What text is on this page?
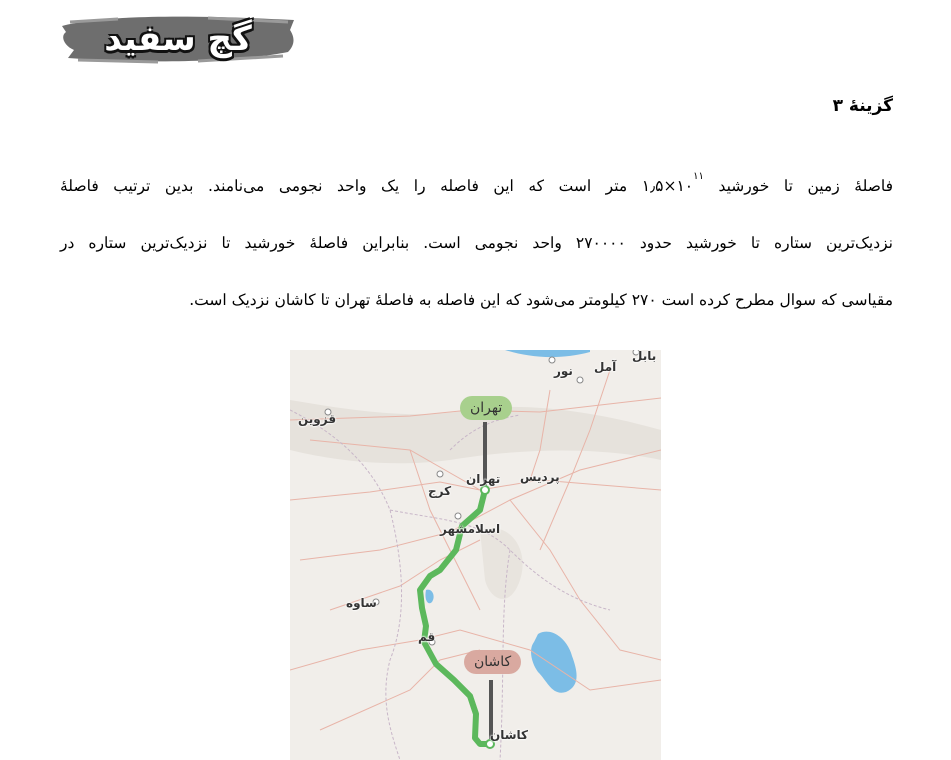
گچ سفید
گزینهٔ ۳
فاصلهٔ زمین تا خورشید $۱٫۵\times ۱۰^{۱۱}$ متر است که این فاصله را یک واحد نجومی می‌نامند. بدین ترتیب فاصلهٔ
نزدیک‌ترین ستاره تا خورشید حدود ۲۷۰۰۰۰ واحد نجومی است. بنابراین فاصلهٔ خورشید تا نزدیک‌ترین ستاره در
مقیاسی که سوال مطرح کرده است ۲۷۰ کیلومتر می‌شود که این فاصله به فاصلهٔ تهران تا کاشان نزدیک است.
تهران
کاشان
بابل
آمل
نور
قزوین
کرج
تهران پردیس
اسلامشهر
ساوه
قم
کاشان
